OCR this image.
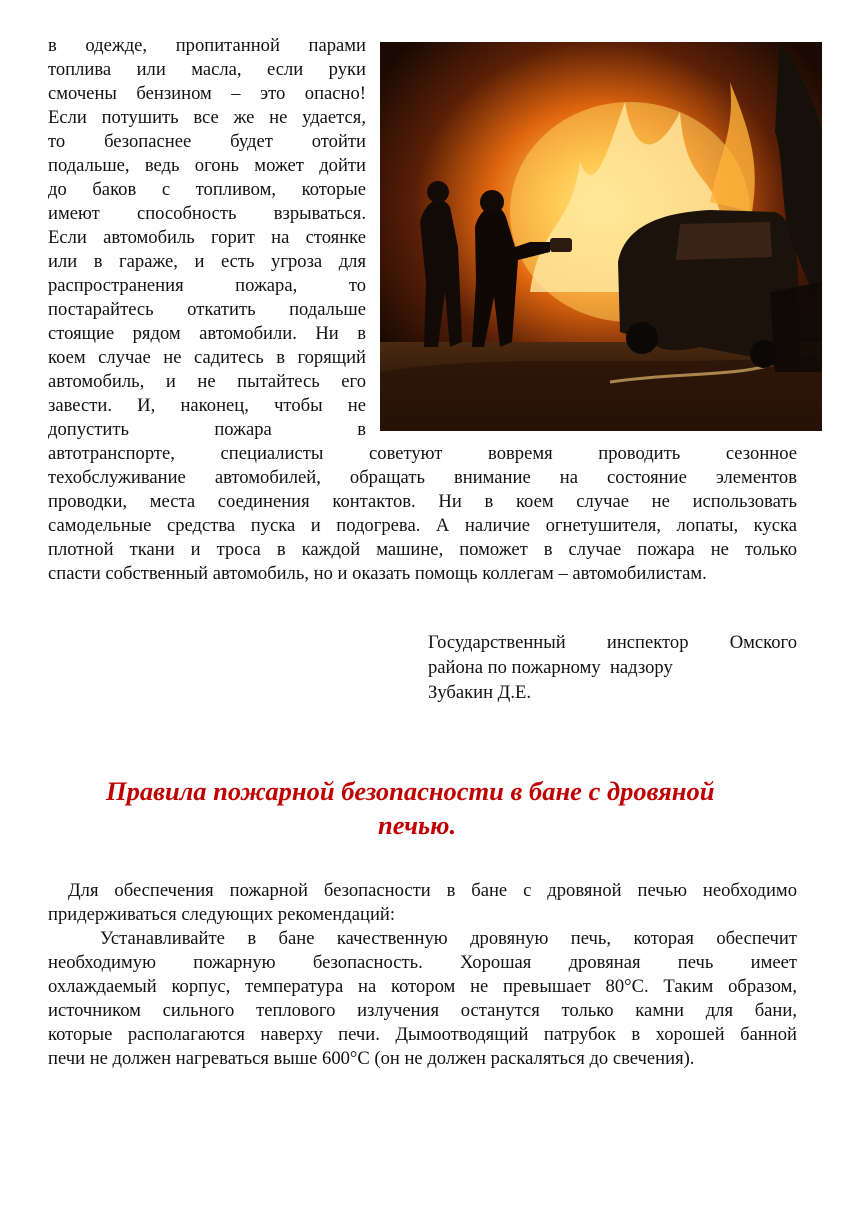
в одежде, пропитанной парами
топлива или масла, если руки
смочены бензином – это опасно!
Если потушить все же не удается,
то безопаснее будет отойти
подальше, ведь огонь может дойти
до баков с топливом, которые
имеют способность взрываться.
Если автомобиль горит на стоянке
или в гараже, и есть угроза для
распространения пожара, то
постарайтесь откатить подальше
стоящие рядом автомобили. Ни в
коем случае не садитесь в горящий
автомобиль, и не пытайтесь его
завести. И, наконец, чтобы не
допустить пожара в
автотранспорте, специалисты советуют вовремя проводить сезонное
техобслуживание автомобилей, обращать внимание на состояние элементов
проводки, места соединения контактов. Ни в коем случае не использовать
самодельные средства пуска и подогрева. А наличие огнетушителя, лопаты, куска
плотной ткани и троса в каждой машине, поможет в случае пожара не только
спасти собственный автомобиль, но и оказать помощь коллегам – автомобилистам.
Государственный инспектор Омского
района по пожарному  надзору
Зубакин Д.Е.
Правила пожарной безопасности в бане с дровяной
печью.
Для обеспечения пожарной безопасности в бане с дровяной печью необходимо
придерживаться следующих рекомендаций:
Устанавливайте в бане качественную дровяную печь, которая обеспечит
необходимую пожарную безопасность. Хорошая дровяная печь имеет
охлаждаемый корпус, температура на котором не превышает 80°С. Таким образом,
источником сильного теплового излучения останутся только камни для бани,
которые располагаются наверху печи. Дымоотводящий патрубок в хорошей банной
печи не должен нагреваться выше 600°С (он не должен раскаляться до свечения).
